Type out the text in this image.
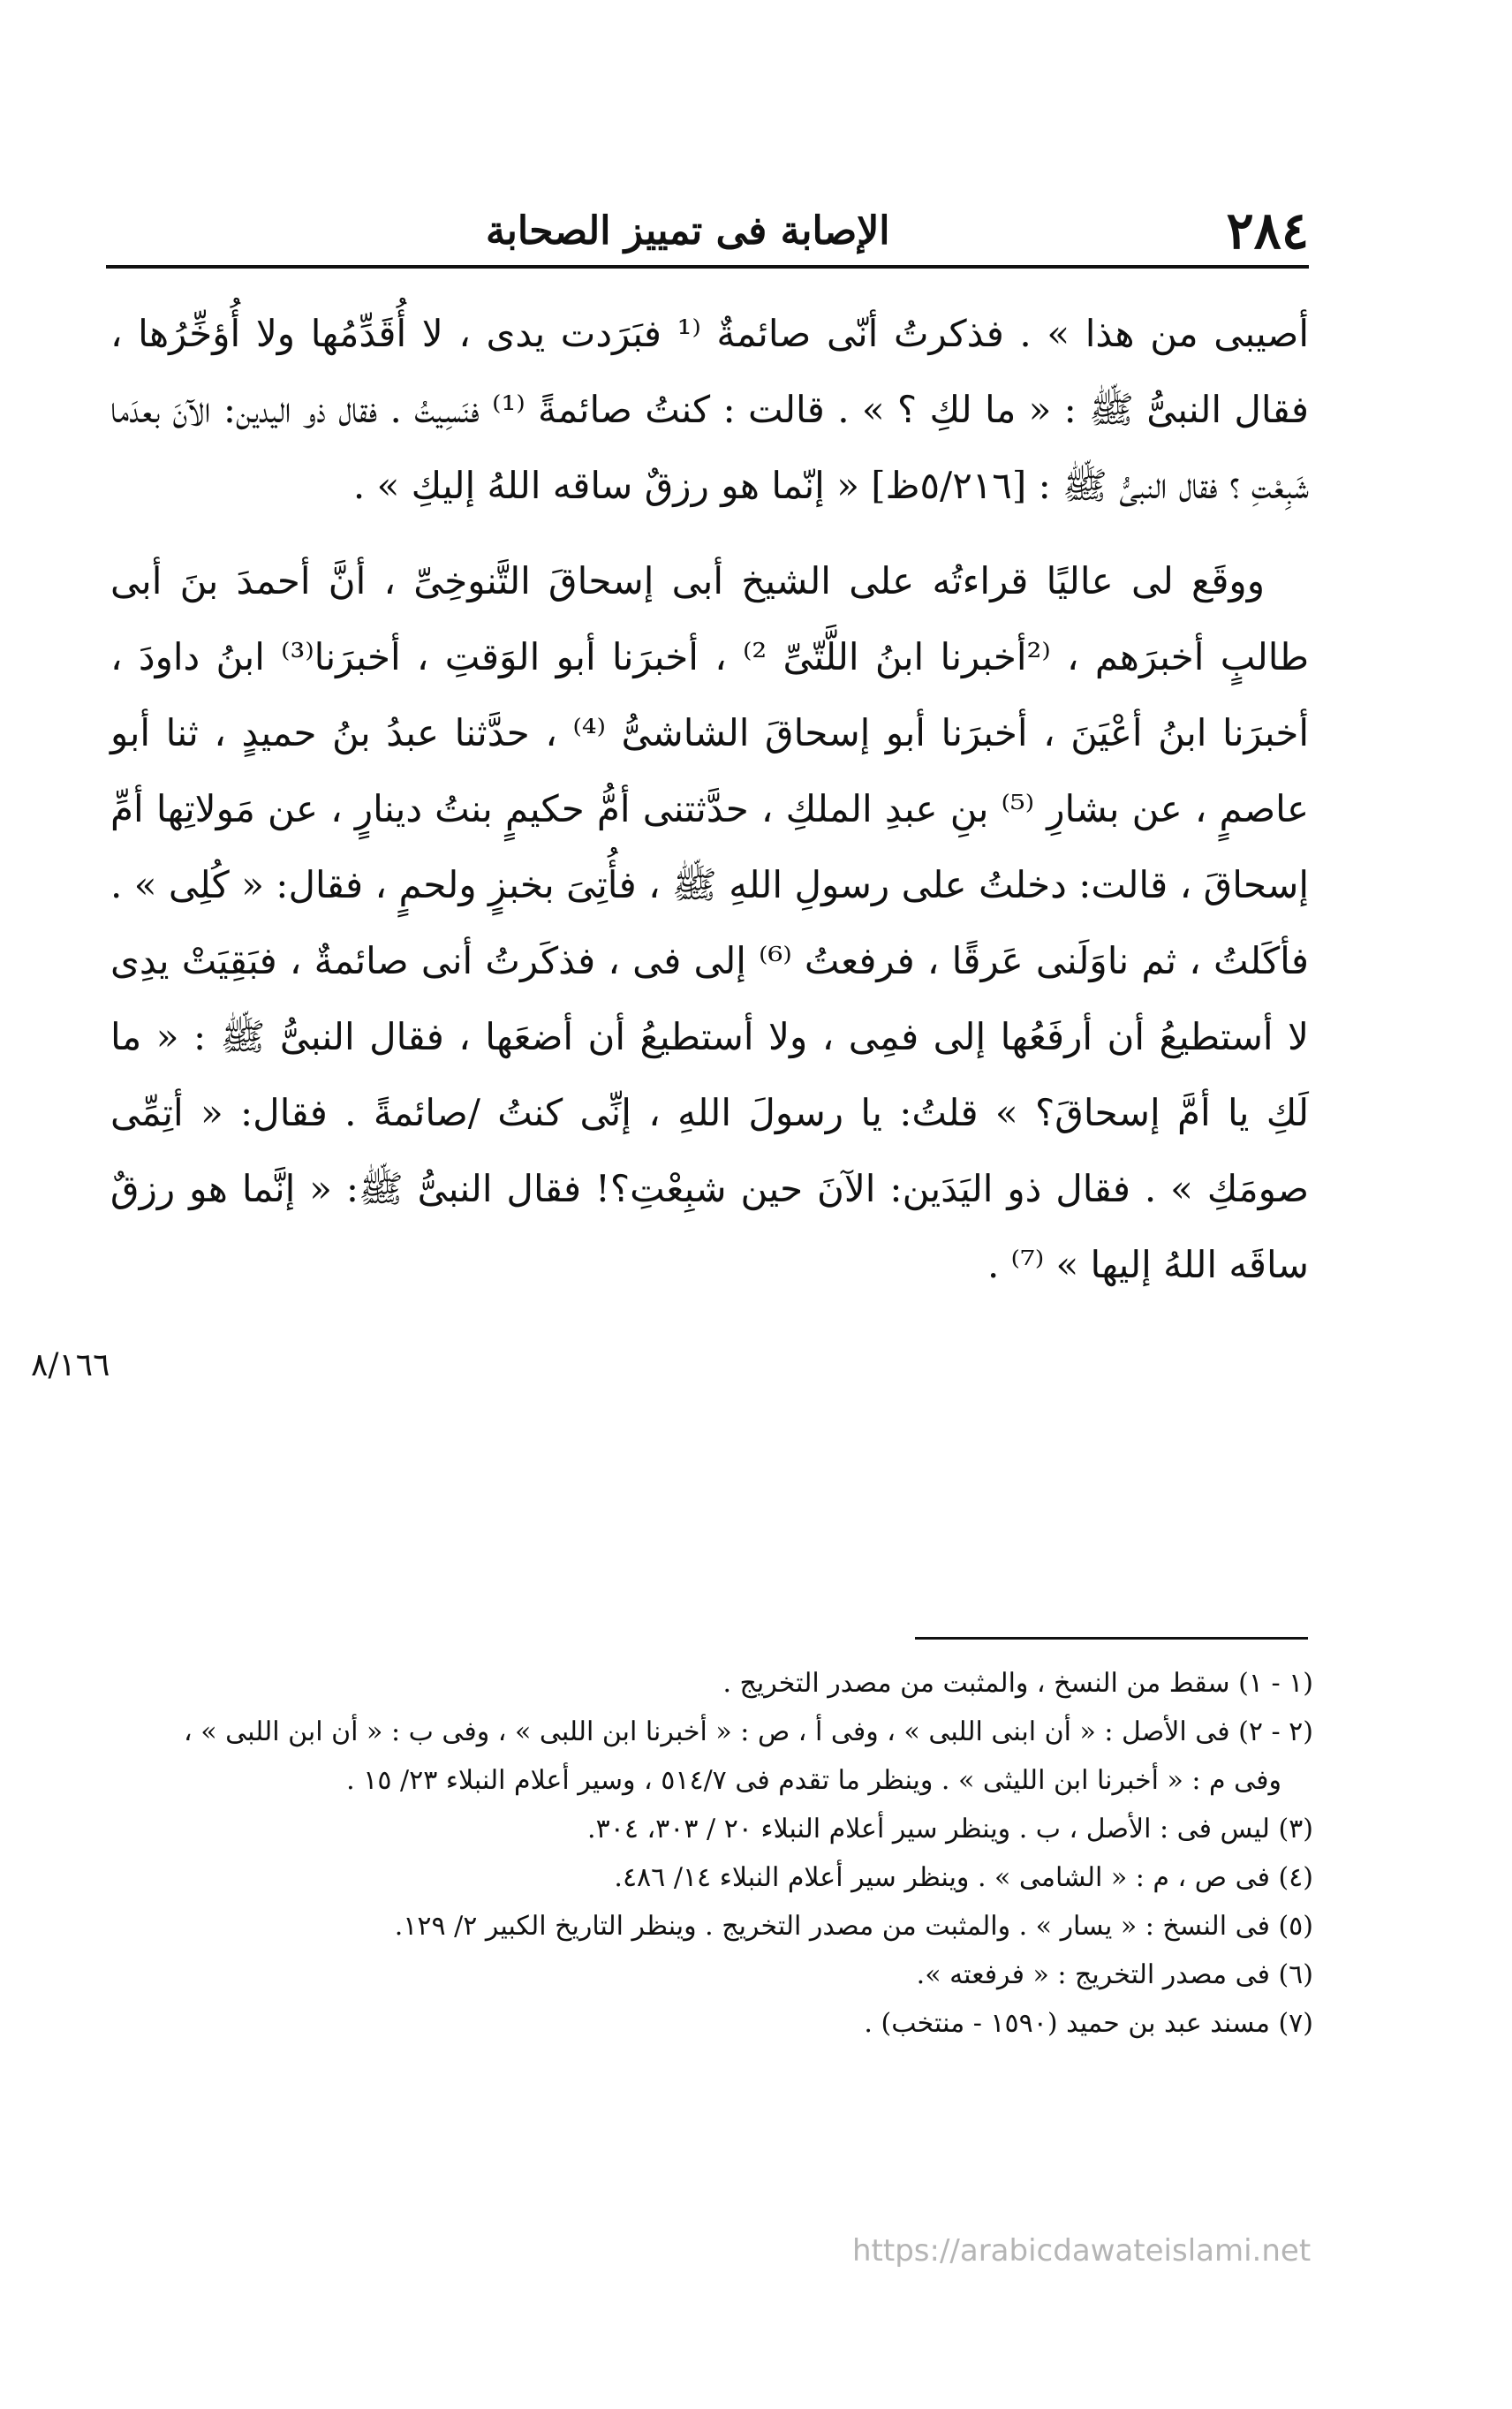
٢٨٤
الإصابة فى تمييز الصحابة

أصيبى من هذا » . فذكرتُ أنّى صائمةٌ ⁽¹ فبَرَدت يدى ، لا أُقَدِّمُها ولا أُؤخِّرُها ، فقال النبىُّ ﷺ : « ما لكِ ؟ » . قالت : كنتُ صائمةً ⁽¹⁾ فنَسِيتُ . فقال ذو اليدين: الآنَ بعدَما شَبِعْتِ ؟ فقال النبىُّ ﷺ : [٥/٢١٦ظ] « إنّما هو رزقٌ ساقه اللهُ إليكِ » .

ووقَع لى عاليًا قراءتُه على الشيخ أبى إسحاقَ التَّنوخِىِّ ، أنَّ أحمدَ بنَ أبى طالبٍ أخبرَهم ، ⁽²أخبرنا ابنُ اللَّتّىِّ ²⁾ ، أخبرَنا أبو الوَقتِ ، أخبرَنا⁽³⁾ ابنُ داودَ ، أخبرَنا ابنُ أعْيَنَ ، أخبرَنا أبو إسحاقَ الشاشىُّ ⁽⁴⁾ ، حدَّثنا عبدُ بنُ حميدٍ ، ثنا أبو عاصمٍ ، عن بشارِ ⁽⁵⁾ بنِ عبدِ الملكِ ، حدَّثتنى أمُّ حكيمٍ بنتُ دينارٍ ، عن مَولاتِها أمِّ إسحاقَ ، قالت: دخلتُ على رسولِ اللهِ ﷺ ، فأُتِىَ بخبزٍ ولحمٍ ، فقال: « كُلِى » . فأكَلتُ ، ثم ناوَلَنى عَرقًا ، فرفعتُ ⁽⁶⁾ إلى فى ، فذكَرتُ أنى صائمةٌ ، فبَقِيَتْ يدِى لا أستطيعُ أن أرفَعُها إلى فمِى ، ولا أستطيعُ أن أضعَها ، فقال النبىُّ ﷺ : « ما لَكِ يا أمَّ إسحاقَ؟ » قلتُ: يا رسولَ اللهِ ، إنِّى كنتُ /صائمةً . فقال: « أتِمِّى صومَكِ » . فقال ذو اليَدَين: الآنَ حين شبِعْتِ؟! فقال النبىُّ ﷺ: « إنَّما هو رزقٌ ساقَه اللهُ إليها » ⁽⁷⁾ .

٨/١٦٦

(١ - ١) سقط من النسخ ، والمثبت من مصدر التخريج .

(٢ - ٢) فى الأصل : « أن ابنى اللبى » ، وفى أ ، ص : « أخبرنا ابن اللبى » ، وفى ب : « أن ابن اللبى » ،

وفى م : « أخبرنا ابن الليثى » . وينظر ما تقدم فى ٥١٤/٧ ، وسير أعلام النبلاء ٢٣/ ١٥ .

(٣) ليس فى : الأصل ، ب . وينظر سير أعلام النبلاء ٢٠ / ٣٠٣، ٣٠٤.

(٤) فى ص ، م : « الشامى » . وينظر سير أعلام النبلاء ١٤/ ٤٨٦.

(٥) فى النسخ : « يسار » . والمثبت من مصدر التخريج . وينظر التاريخ الكبير ٢/ ١٢٩.

(٦) فى مصدر التخريج : « فرفعته ».

(٧) مسند عبد بن حميد (١٥٩٠ - منتخب) .

https://arabicdawateislami.net
